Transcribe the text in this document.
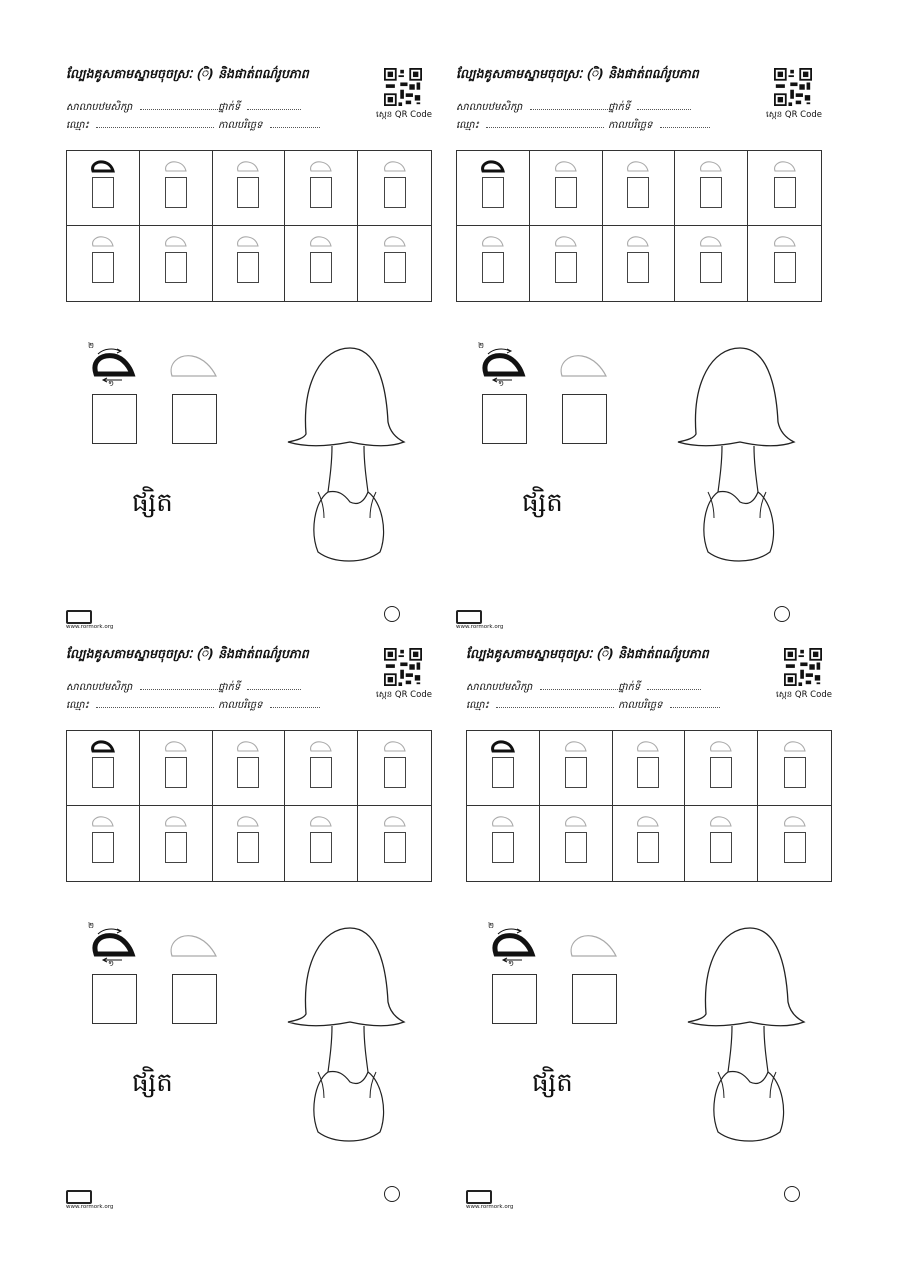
ល្បែងគូសតាមស្នាមចុចស្រៈ (ិ) និងផាត់ពណ៌រូបភាព
សាលាបឋមសិក្សា	ថ្នាក់ទី
ឈ្មោះ	កាលបរិច្ឆេទ
ស្កេន QR Code
២
១
ផ្សិត
www.rormork.org
ល្បែងគូសតាមស្នាមចុចស្រៈ (ិ) និងផាត់ពណ៌រូបភាព
សាលាបឋមសិក្សា	ថ្នាក់ទី
ឈ្មោះ	កាលបរិច្ឆេទ
ស្កេន QR Code
២
១
ផ្សិត
www.rormork.org
ល្បែងគូសតាមស្នាមចុចស្រៈ (ិ) និងផាត់ពណ៌រូបភាព
សាលាបឋមសិក្សា	ថ្នាក់ទី
ឈ្មោះ	កាលបរិច្ឆេទ
ស្កេន QR Code
២
១
ផ្សិត
www.rormork.org
ល្បែងគូសតាមស្នាមចុចស្រៈ (ិ) និងផាត់ពណ៌រូបភាព
សាលាបឋមសិក្សា	ថ្នាក់ទី
ឈ្មោះ	កាលបរិច្ឆេទ
ស្កេន QR Code
២
១
ផ្សិត
www.rormork.org
